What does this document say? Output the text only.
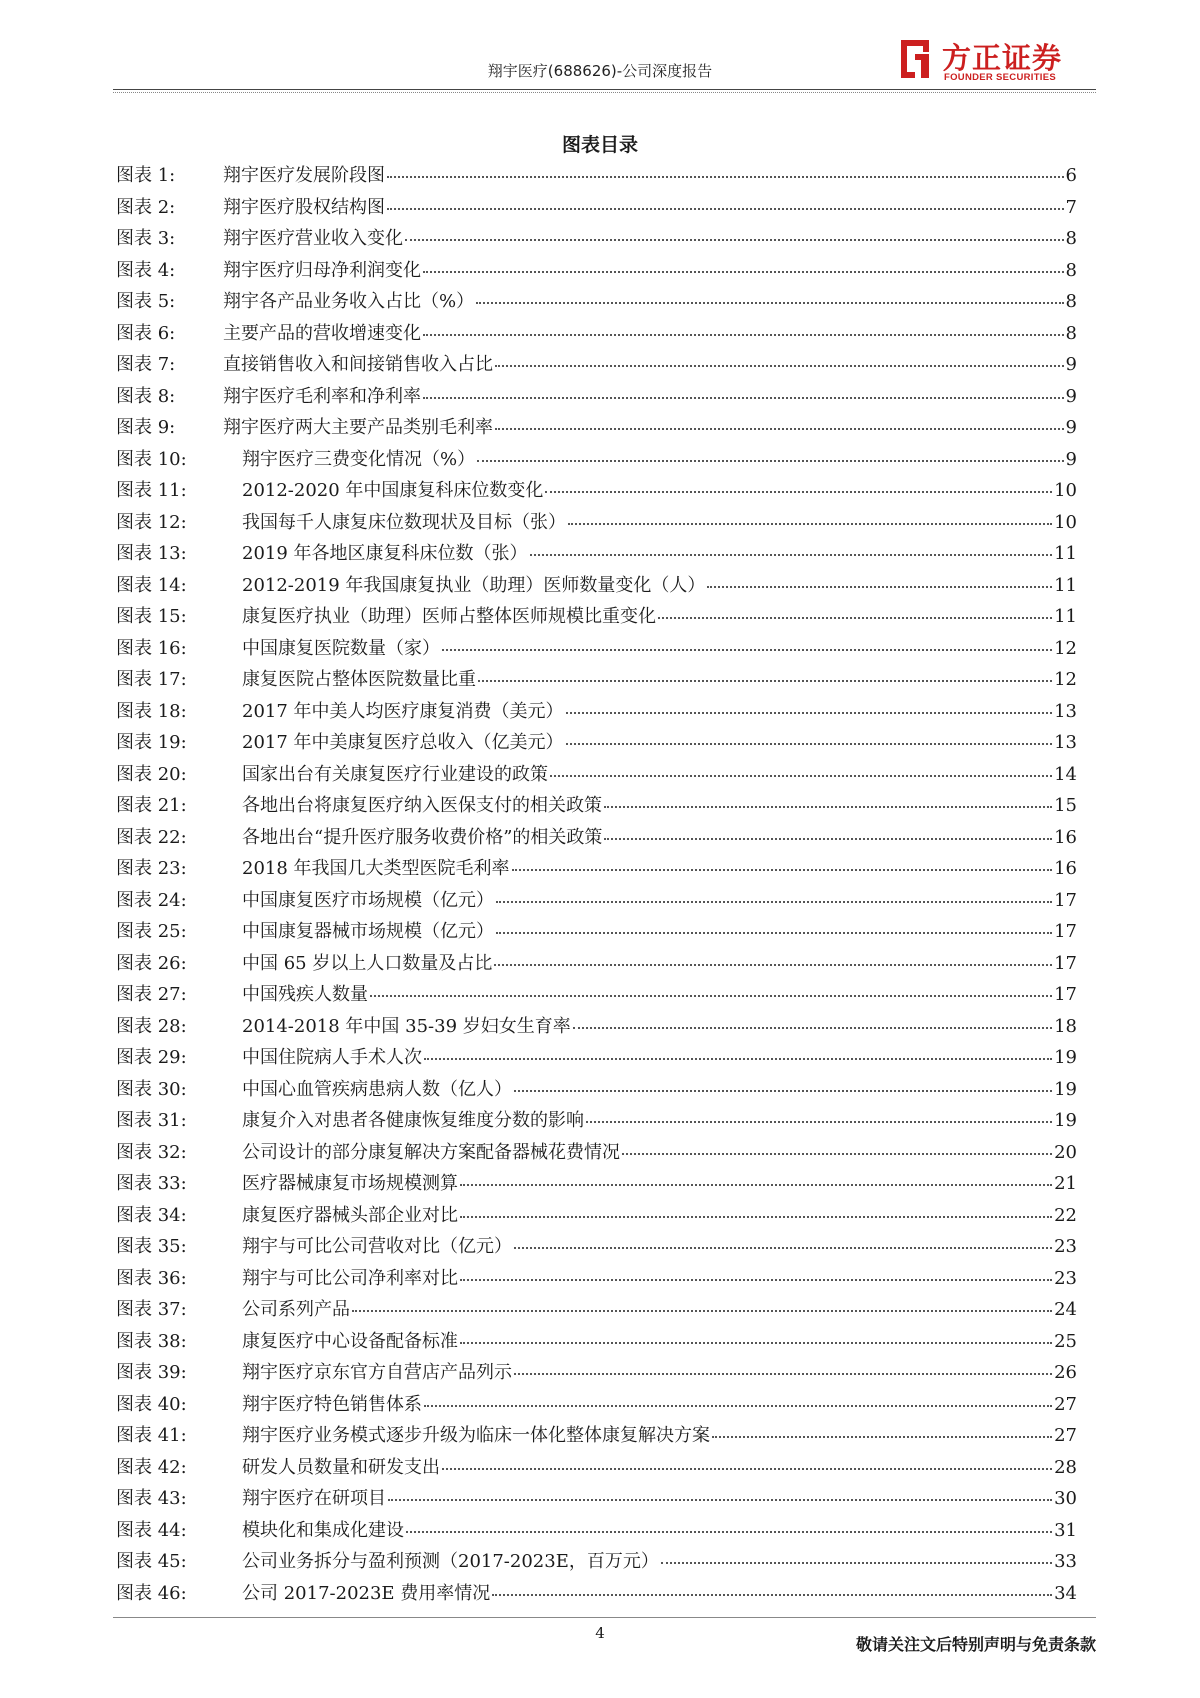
翔宇医疗(688626)-公司深度报告	方正证券
FOUNDER SECURITIES
图表目录
图表 1:	翔宇医疗发展阶段图	6
图表 2:	翔宇医疗股权结构图	7
图表 3:	翔宇医疗营业收入变化	8
图表 4:	翔宇医疗归母净利润变化	8
图表 5:	翔宇各产品业务收入占比（%）	8
图表 6:	主要产品的营收增速变化	8
图表 7:	直接销售收入和间接销售收入占比	9
图表 8:	翔宇医疗毛利率和净利率	9
图表 9:	翔宇医疗两大主要产品类别毛利率	9
图表 10:	翔宇医疗三费变化情况（%）	9
图表 11:	2012-2020 年中国康复科床位数变化	10
图表 12:	我国每千人康复床位数现状及目标（张）	10
图表 13:	2019 年各地区康复科床位数（张）	11
图表 14:	2012-2019 年我国康复执业（助理）医师数量变化（人）	11
图表 15:	康复医疗执业（助理）医师占整体医师规模比重变化	11
图表 16:	中国康复医院数量（家）	12
图表 17:	康复医院占整体医院数量比重	12
图表 18:	2017 年中美人均医疗康复消费（美元）	13
图表 19:	2017 年中美康复医疗总收入（亿美元）	13
图表 20:	国家出台有关康复医疗行业建设的政策	14
图表 21:	各地出台将康复医疗纳入医保支付的相关政策	15
图表 22:	各地出台“提升医疗服务收费价格”的相关政策	16
图表 23:	2018 年我国几大类型医院毛利率	16
图表 24:	中国康复医疗市场规模（亿元）	17
图表 25:	中国康复器械市场规模（亿元）	17
图表 26:	中国 65 岁以上人口数量及占比	17
图表 27:	中国残疾人数量	17
图表 28:	2014-2018 年中国 35-39 岁妇女生育率	18
图表 29:	中国住院病人手术人次	19
图表 30:	中国心血管疾病患病人数（亿人）	19
图表 31:	康复介入对患者各健康恢复维度分数的影响	19
图表 32:	公司设计的部分康复解决方案配备器械花费情况	20
图表 33:	医疗器械康复市场规模测算	21
图表 34:	康复医疗器械头部企业对比	22
图表 35:	翔宇与可比公司营收对比（亿元）	23
图表 36:	翔宇与可比公司净利率对比	23
图表 37:	公司系列产品	24
图表 38:	康复医疗中心设备配备标准	25
图表 39:	翔宇医疗京东官方自营店产品列示	26
图表 40:	翔宇医疗特色销售体系	27
图表 41:	翔宇医疗业务模式逐步升级为临床一体化整体康复解决方案	27
图表 42:	研发人员数量和研发支出	28
图表 43:	翔宇医疗在研项目	30
图表 44:	模块化和集成化建设	31
图表 45:	公司业务拆分与盈利预测（2017-2023E，百万元）	33
图表 46:	公司 2017-2023E 费用率情况	34
4
敬请关注文后特别声明与免责条款
